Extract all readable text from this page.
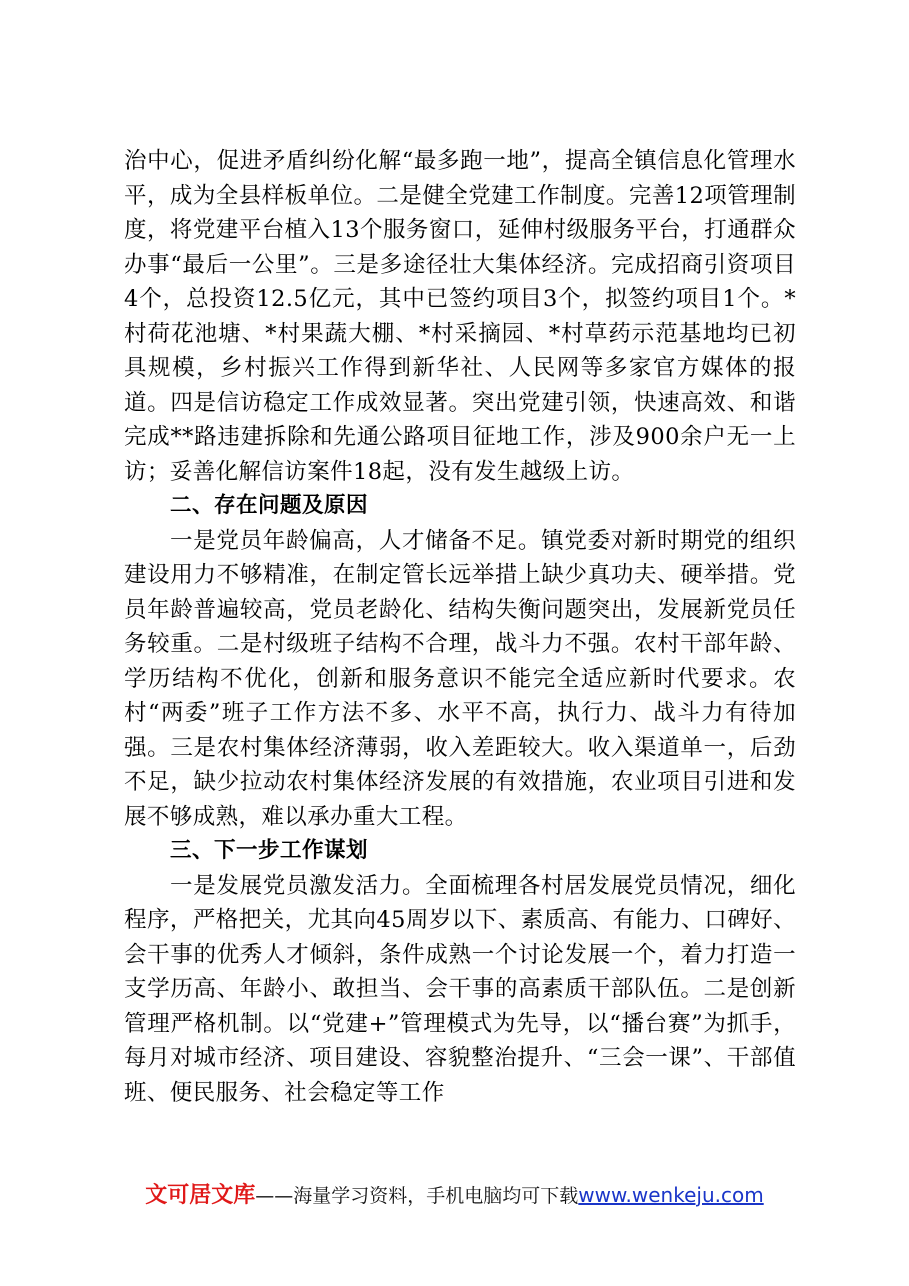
治中心，促进矛盾纠纷化解“最多跑一地”，提高全镇信息化管理水平，成为全县样板单位。二是健全党建工作制度。完善12项管理制度，将党建平台植入13个服务窗口，延伸村级服务平台，打通群众办事“最后一公里”。三是多途径壮大集体经济。完成招商引资项目4个，总投资12.5亿元，其中已签约项目3个，拟签约项目1个。*村荷花池塘、*村果蔬大棚、*村采摘园、*村草药示范基地均已初具规模，乡村振兴工作得到新华社、人民网等多家官方媒体的报道。四是信访稳定工作成效显著。突出党建引领，快速高效、和谐完成**路违建拆除和先通公路项目征地工作，涉及900余户无一上访；妥善化解信访案件18起，没有发生越级上访。

二、存在问题及原因

一是党员年龄偏高，人才储备不足。镇党委对新时期党的组织建设用力不够精准，在制定管长远举措上缺少真功夫、硬举措。党员年龄普遍较高，党员老龄化、结构失衡问题突出，发展新党员任务较重。二是村级班子结构不合理，战斗力不强。农村干部年龄、学历结构不优化，创新和服务意识不能完全适应新时代要求。农村“两委”班子工作方法不多、水平不高，执行力、战斗力有待加强。三是农村集体经济薄弱，收入差距较大。收入渠道单一，后劲不足，缺少拉动农村集体经济发展的有效措施，农业项目引进和发展不够成熟，难以承办重大工程。

三、下一步工作谋划

一是发展党员激发活力。全面梳理各村居发展党员情况，细化程序，严格把关，尤其向45周岁以下、素质高、有能力、口碑好、会干事的优秀人才倾斜，条件成熟一个讨论发展一个，着力打造一支学历高、年龄小、敢担当、会干事的高素质干部队伍。二是创新管理严格机制。以“党建+”管理模式为先导，以“播台赛”为抓手，每月对城市经济、项目建设、容貌整治提升、“三会一课”、干部值班、便民服务、社会稳定等工作

文可居文库——海量学习资料，手机电脑均可下载www.wenkeju.com
